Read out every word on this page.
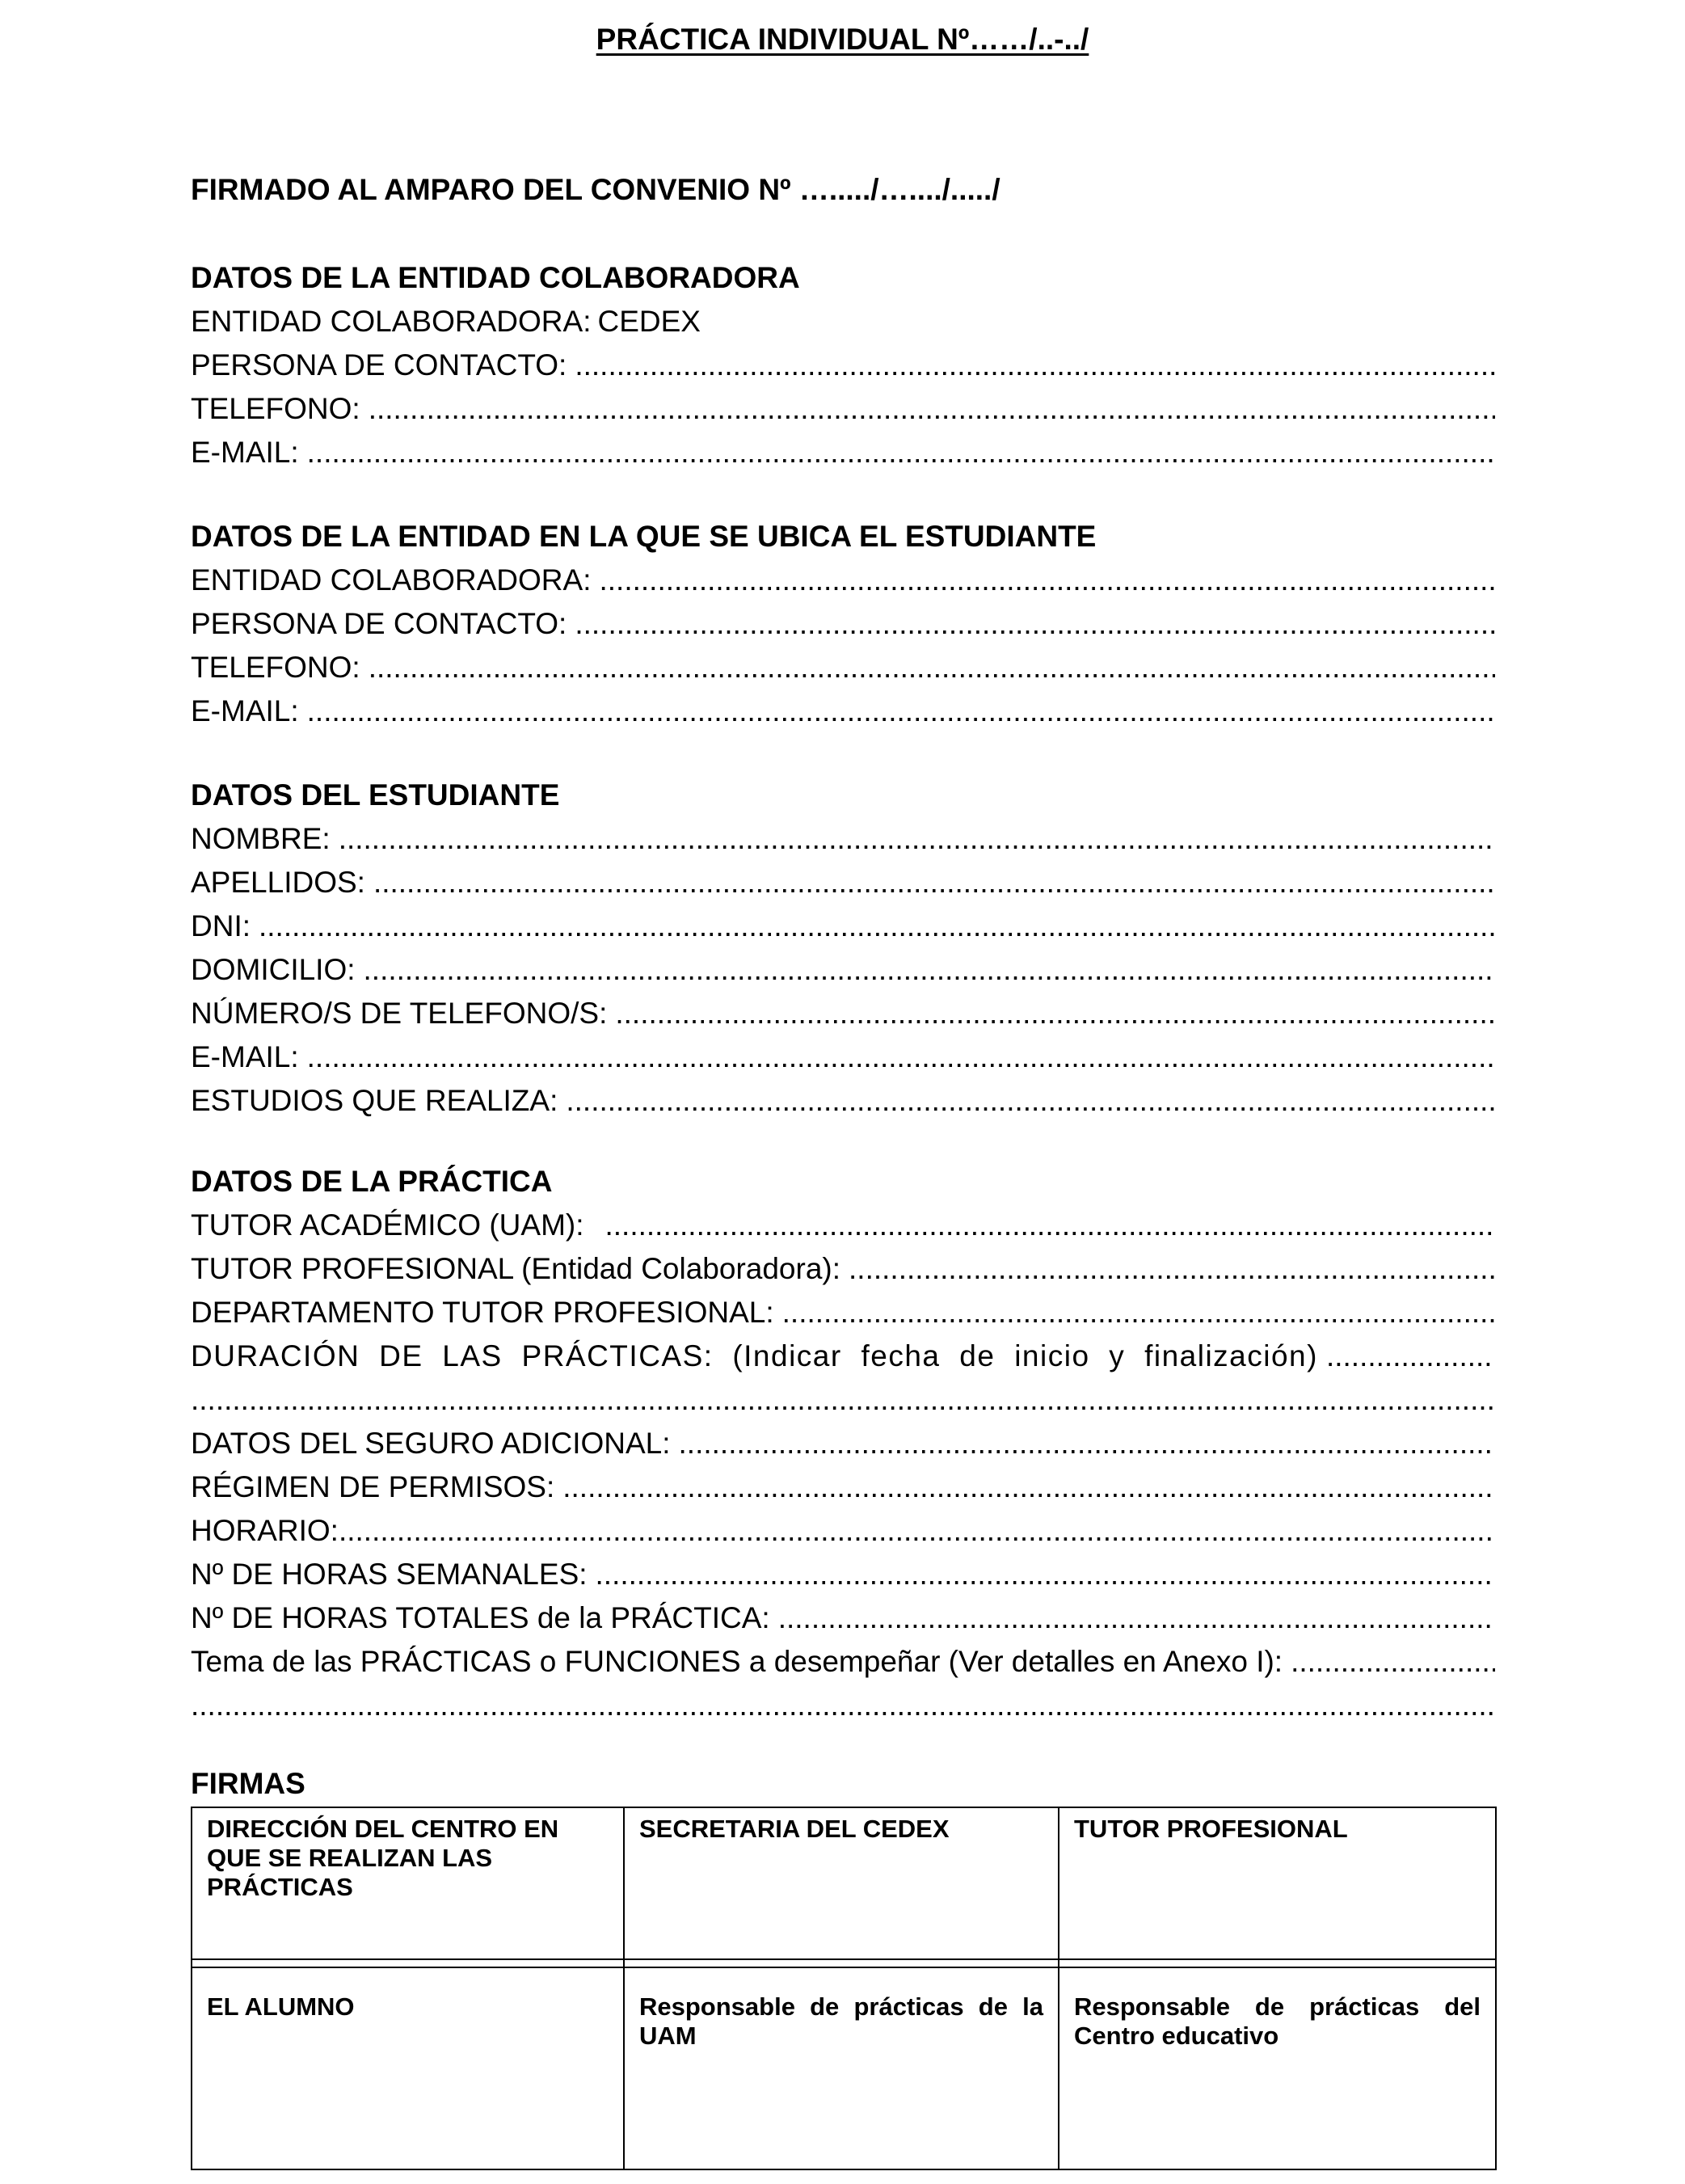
PRÁCTICA INDIVIDUAL Nº……/..-../
FIRMADO AL AMPARO DEL CONVENIO Nº …...../…..../...../
DATOS DE LA ENTIDAD COLABORADORA
ENTIDAD COLABORADORA: CEDEX
PERSONA DE CONTACTO:
.....
TELEFONO:
.....
E-MAIL:
.....
DATOS DE LA ENTIDAD EN LA QUE SE UBICA EL ESTUDIANTE
ENTIDAD COLABORADORA:
.....
PERSONA DE CONTACTO:
.....
TELEFONO:
.....
E-MAIL:
.....
DATOS DEL ESTUDIANTE
NOMBRE:
.....
APELLIDOS:
.....
DNI:
.....
DOMICILIO:
.....
NÚMERO/S DE TELEFONO/S:
.....
E-MAIL:
.....
ESTUDIOS QUE REALIZA:
.....
DATOS DE LA PRÁCTICA
TUTOR ACADÉMICO (UAM):
.....
TUTOR PROFESIONAL (Entidad Colaboradora):
.....
DEPARTAMENTO TUTOR PROFESIONAL:
.....
DURACIÓN DE LAS PRÁCTICAS: (Indicar fecha de inicio y finalización)
.....
.....
DATOS DEL SEGURO ADICIONAL:
.....
RÉGIMEN DE PERMISOS:
.....
HORARIO:
.....
Nº DE HORAS SEMANALES:
.....
Nº DE HORAS TOTALES de la PRÁCTICA:
.....
Tema de las PRÁCTICAS o FUNCIONES a desempeñar (Ver detalles en Anexo I):
.....
.....
FIRMAS
DIRECCIÓN DEL CENTRO EN QUE SE REALIZAN LAS PRÁCTICAS	SECRETARIA DEL CEDEX	TUTOR PROFESIONAL

EL ALUMNO	Responsable de prácticas de la UAM	Responsable de prácticas del Centro educativo
